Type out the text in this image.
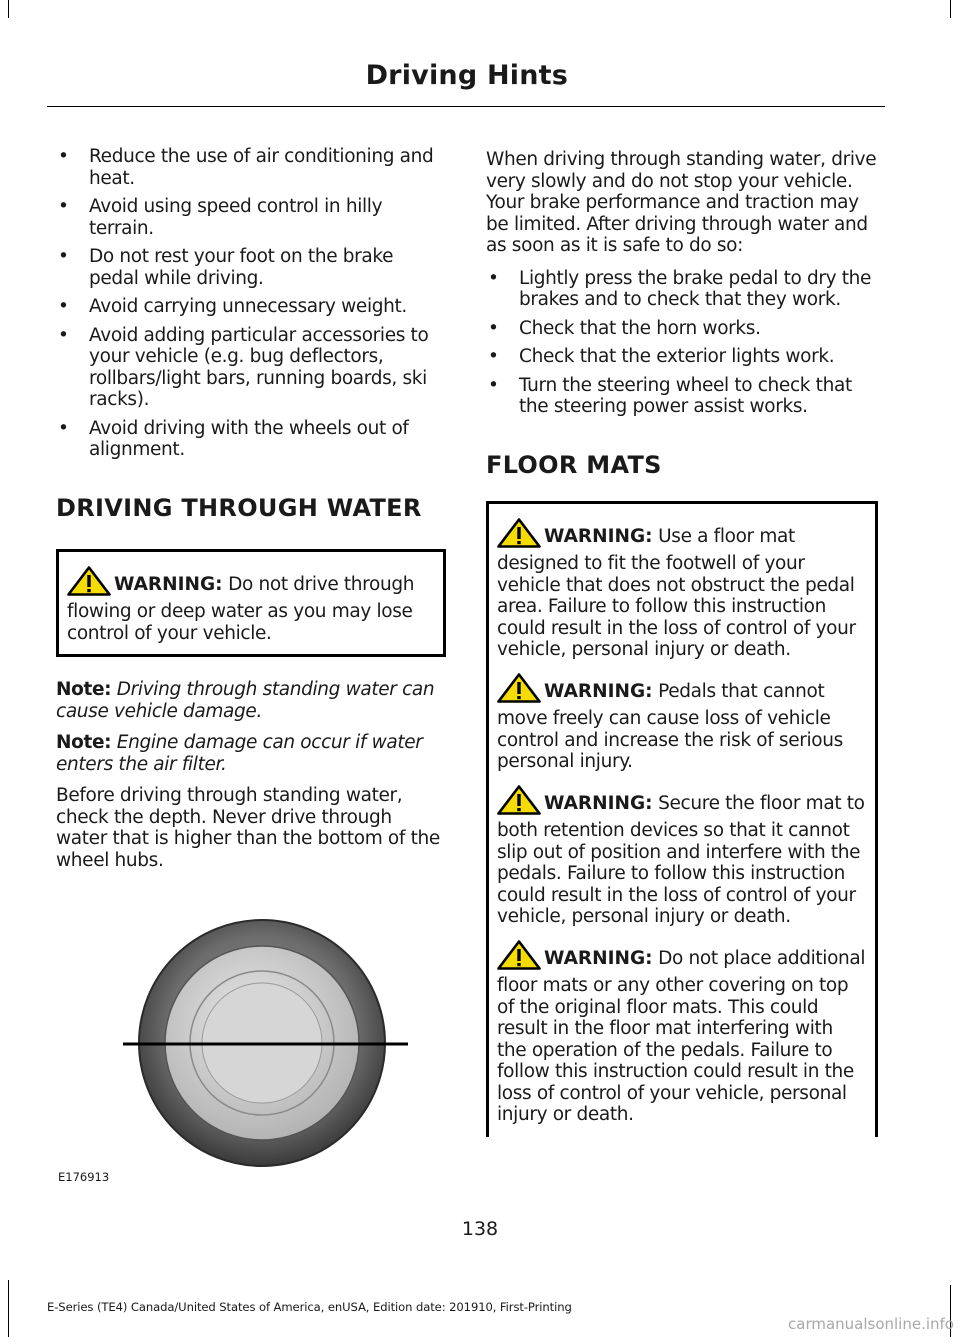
Driving Hints
• Reduce the use of air conditioning and heat.
• Avoid using speed control in hilly terrain.
• Do not rest your foot on the brake pedal while driving.
• Avoid carrying unnecessary weight.
• Avoid adding particular accessories to your vehicle (e.g. bug deflectors, rollbars/light bars, running boards, ski racks).
• Avoid driving with the wheels out of alignment.
DRIVING THROUGH WATER
WARNING: Do not drive through flowing or deep water as you may lose control of your vehicle.

Note: Driving through standing water can cause vehicle damage.

Note: Engine damage can occur if water enters the air filter.

Before driving through standing water, check the depth. Never drive through water that is higher than the bottom of the wheel hubs.

E176913

When driving through standing water, drive very slowly and do not stop your vehicle. Your brake performance and traction may be limited. After driving through water and as soon as it is safe to do so:

• Lightly press the brake pedal to dry the brakes and to check that they work.
• Check that the horn works.
• Check that the exterior lights work.
• Turn the steering wheel to check that the steering power assist works.
FLOOR MATS
WARNING: Use a floor mat designed to fit the footwell of your vehicle that does not obstruct the pedal area. Failure to follow this instruction could result in the loss of control of your vehicle, personal injury or death.
WARNING: Pedals that cannot move freely can cause loss of vehicle control and increase the risk of serious personal injury.
WARNING: Secure the floor mat to both retention devices so that it cannot slip out of position and interfere with the pedals. Failure to follow this instruction could result in the loss of control of your vehicle, personal injury or death.
WARNING: Do not place additional floor mats or any other covering on top of the original floor mats. This could result in the floor mat interfering with the operation of the pedals. Failure to follow this instruction could result in the loss of control of your vehicle, personal injury or death.
138
E-Series (TE4) Canada/United States of America, enUSA, Edition date: 201910, First-Printing
carmanualsonline.info
